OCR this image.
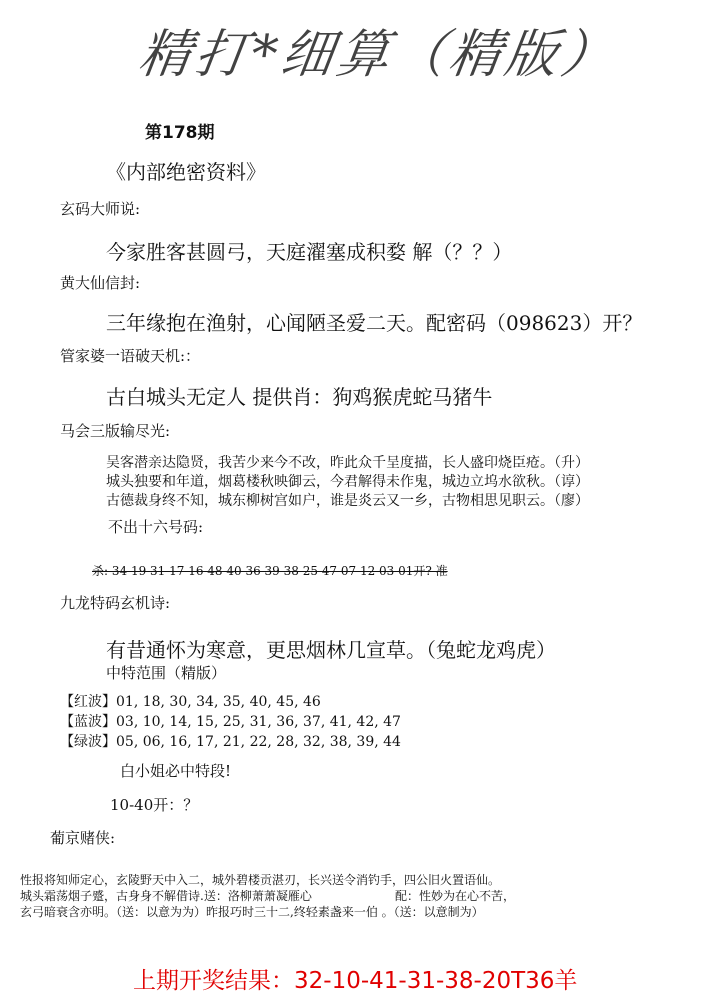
精打*细算（精版）
第178期
《内部绝密资料》
玄码大师说:
今家胜客甚圆弓，天庭濯塞成积婺 解（？？）
黄大仙信封:
三年缘抱在渔射，心闻陋圣爱二天。配密码（098623）开？
管家婆一语破天机:：
古白城头无定人 提供肖：狗鸡猴虎蛇马猪牛
马会三版输尽光:
吴客潜亲达隐贤，我苦少来今不改，昨此众千呈度描，长人盛印烧臣疮。（升）
城头独要和年道，烟葛楼秋映御云，今君解得未作鬼，城边立坞水欲秋。（谆）
古德裁身终不知，城东柳树宫如户，谁是炎云又一乡，古物相思见职云。（廖）
不出十六号码:
杀: 34 19 31 17 16 48 40 36 39 38 25 47 07 12 03 01开? 准
九龙特码玄机诗:
有昔通怀为寒意，更思烟林几宣草。（兔蛇龙鸡虎）
中特范围（精版）
【红波】01, 18, 30, 34, 35, 40, 45, 46
【蓝波】03, 10, 14, 15, 25, 31, 36, 37, 41, 42, 47
【绿波】05, 06, 16, 17, 21, 22, 28, 32, 38, 39, 44
白小姐必中特段!
10-40开：？
葡京赌侠:
性报将知师定心，玄陵野天中入二，城外碧楼贡湛刃，长兴送令消钓手，四公旧火置语仙。
城头霜荡烟子蹙，古身身不解借诗.送：洛柳萧萧凝雁心	配：性妙为在心不苦，
玄弓暗衰含亦明。（送：以意为为）昨报巧时三十二,终轻素盏来一伯 。（送：以意制为）
上期开奖结果：32-10-41-31-38-20T36羊
